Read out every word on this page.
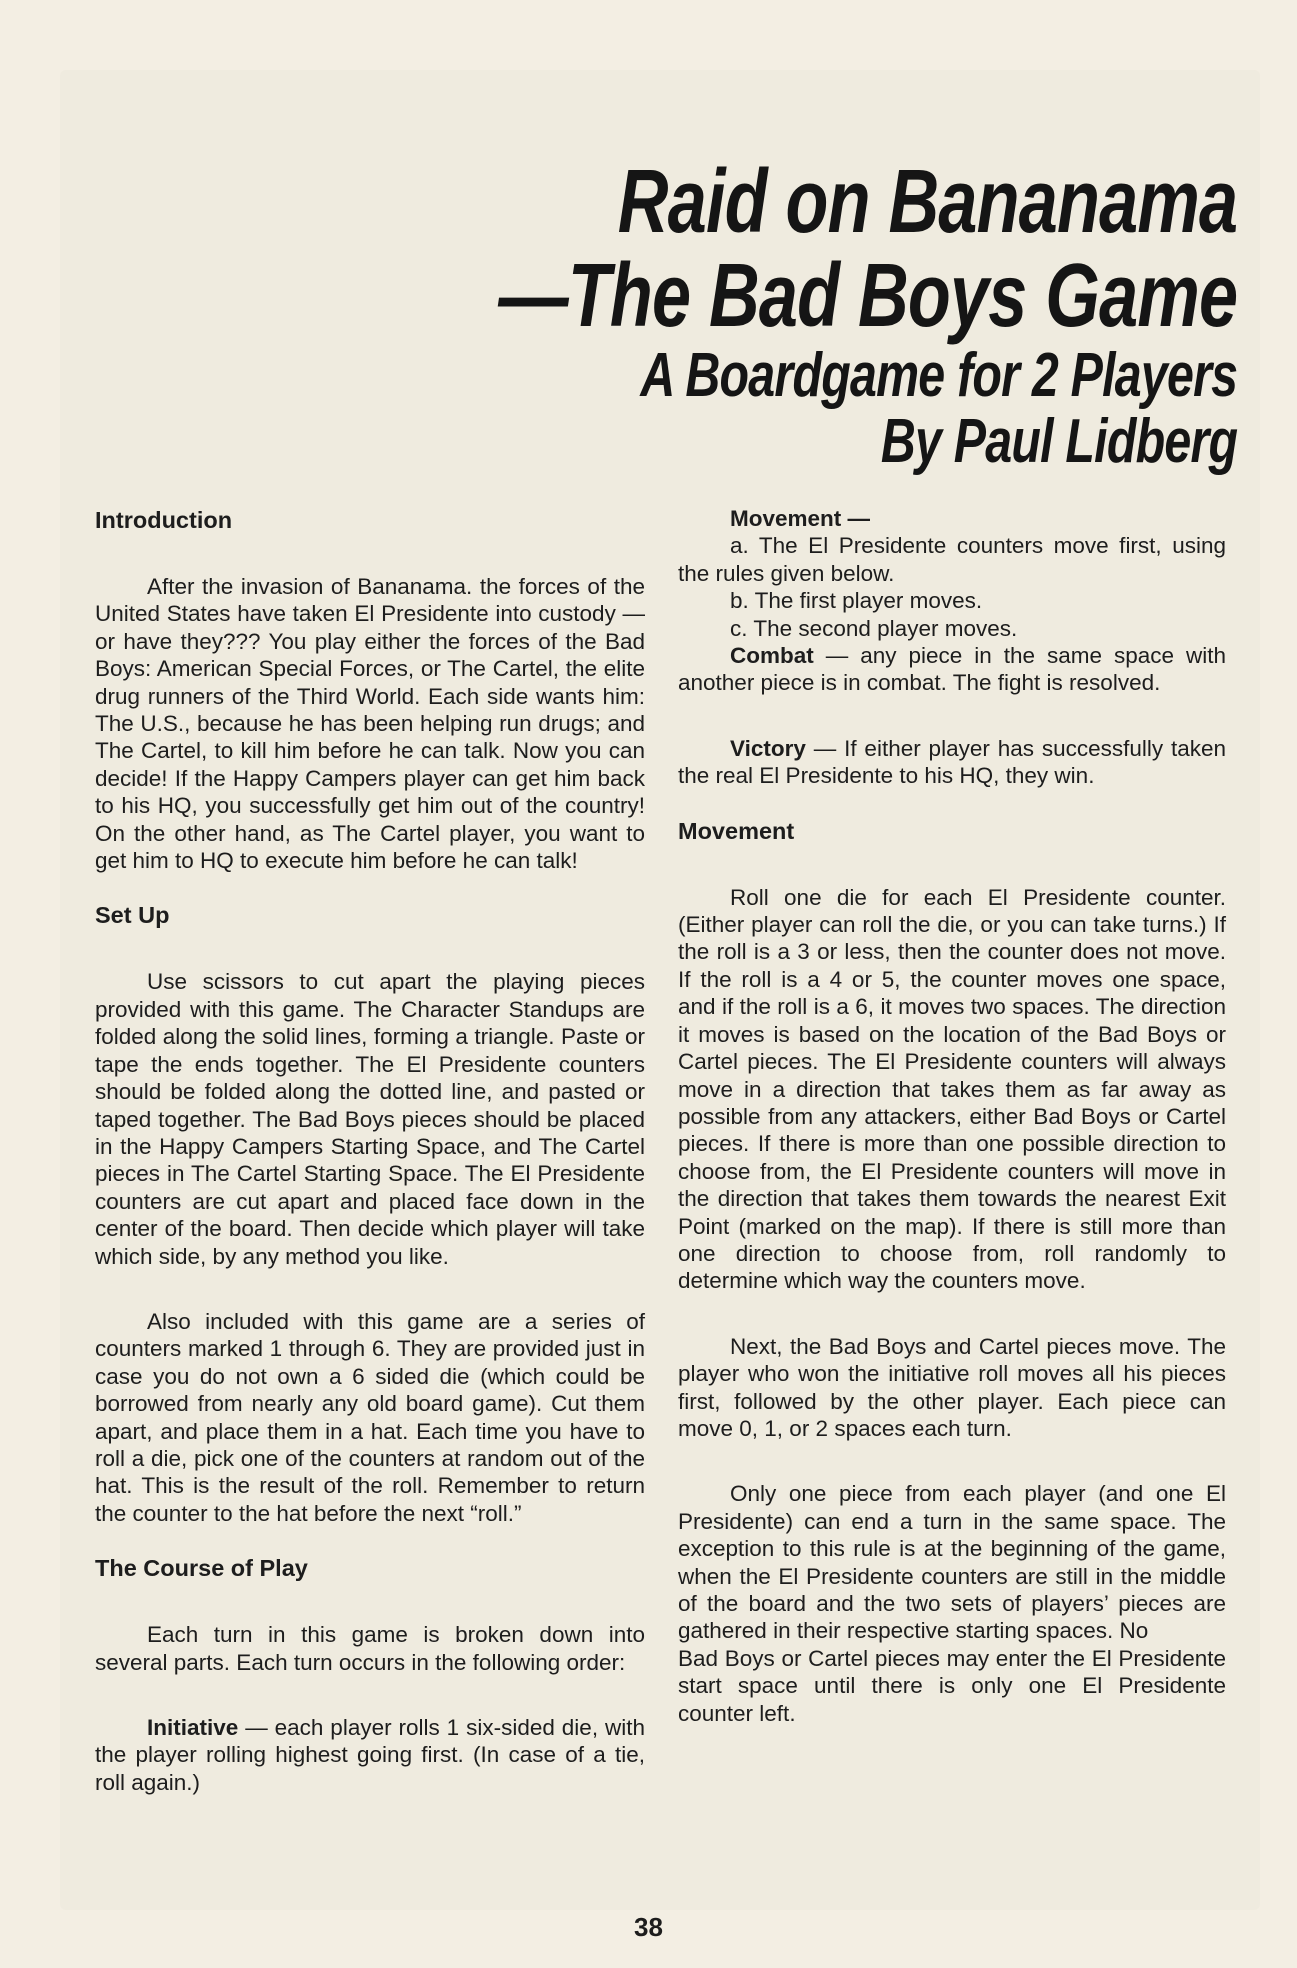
Raid on Bananama
—The Bad Boys Game
A Boardgame for 2 Players
By Paul Lidberg
Introduction

After the invasion of Bananama. the forces of the United States have taken El Presidente into custody — or have they??? You play either the forces of the Bad Boys: American Special Forces, or The Cartel, the elite drug runners of the Third World. Each side wants him: The U.S., because he has been helping run drugs; and The Cartel, to kill him before he can talk. Now you can decide! If the Happy Campers player can get him back to his HQ, you successfully get him out of the country! On the other hand, as The Cartel player, you want to get him to HQ to execute him before he can talk!

Set Up

Use scissors to cut apart the playing pieces provided with this game. The Character Standups are folded along the solid lines, forming a triangle. Paste or tape the ends together. The El Presidente counters should be folded along the dotted line, and pasted or taped together. The Bad Boys pieces should be placed in the Happy Campers Starting Space, and The Cartel pieces in The Cartel Starting Space. The El Presidente counters are cut apart and placed face down in the center of the board. Then decide which player will take which side, by any method you like.

Also included with this game are a series of counters marked 1 through 6. They are provided just in case you do not own a 6 sided die (which could be borrowed from nearly any old board game). Cut them apart, and place them in a hat. Each time you have to roll a die, pick one of the counters at random out of the hat. This is the result of the roll. Remember to return the counter to the hat before the next “roll.”

The Course of Play

Each turn in this game is broken down into several parts. Each turn occurs in the following order:

Initiative — each player rolls 1 six-sided die, with the player rolling highest going first. (In case of a tie, roll again.)

Movement —

a. The El Presidente counters move first, using the rules given below.

b. The first player moves.

c. The second player moves.

Combat — any piece in the same space with another piece is in combat. The fight is resolved.

Victory — If either player has successfully taken the real El Presidente to his HQ, they win.

Movement

Roll one die for each El Presidente counter. (Either player can roll the die, or you can take turns.) If the roll is a 3 or less, then the counter does not move. If the roll is a 4 or 5, the counter moves one space, and if the roll is a 6, it moves two spaces. The direction it moves is based on the location of the Bad Boys or Cartel pieces. The El Presidente counters will always move in a direction that takes them as far away as possible from any attackers, either Bad Boys or Cartel pieces. If there is more than one possible direction to choose from, the El Presidente counters will move in the direction that takes them towards the nearest Exit Point (marked on the map). If there is still more than one direction to choose from, roll randomly to determine which way the counters move.

Next, the Bad Boys and Cartel pieces move. The player who won the initiative roll moves all his pieces first, followed by the other player. Each piece can move 0, 1, or 2 spaces each turn.

Only one piece from each player (and one El Presidente) can end a turn in the same space. The exception to this rule is at the beginning of the game, when the El Presidente counters are still in the middle of the board and the two sets of players’ pieces are gathered in their respective starting spaces. No

Bad Boys or Cartel pieces may enter the El Presidente start space until there is only one El Presidente counter left.

38
